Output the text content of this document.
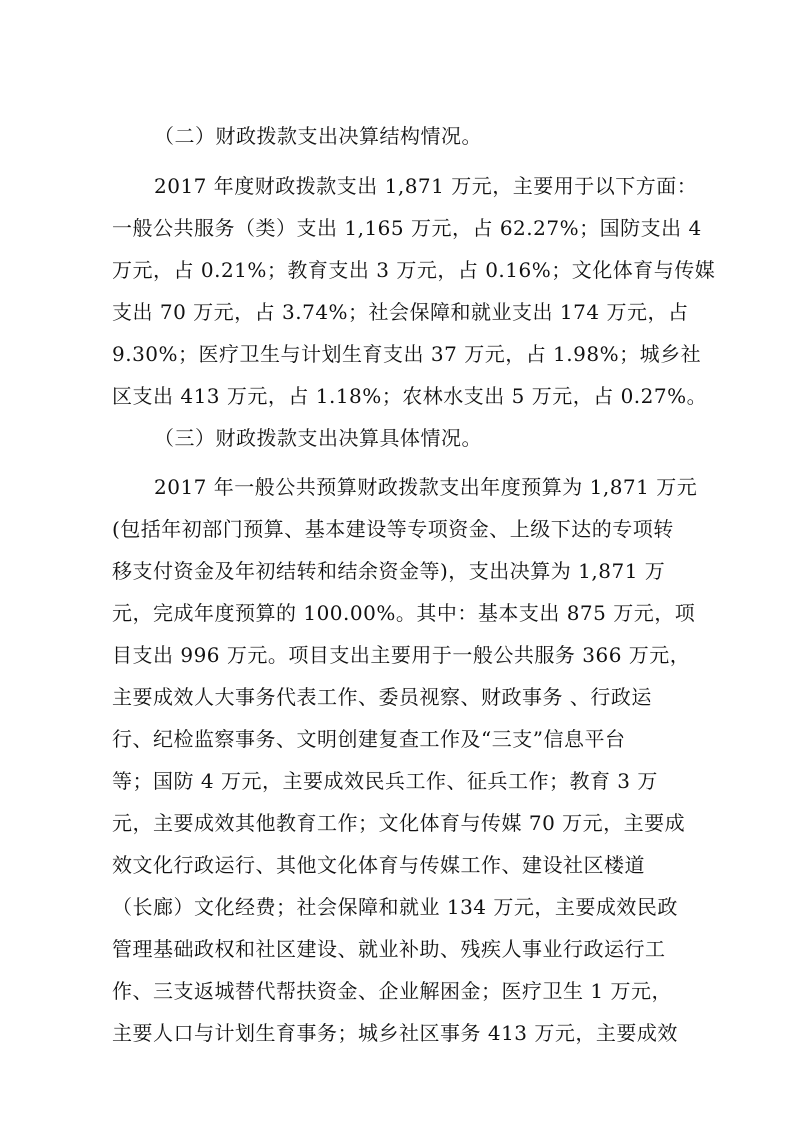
（二）财政拨款支出决算结构情况。
2017 年度财政拨款支出 1,871 万元，主要用于以下方面：
一般公共服务（类）支出 1,165 万元，占 62.27%；国防支出 4
万元，占 0.21%；教育支出 3 万元，占 0.16%；文化体育与传媒
支出 70 万元，占 3.74%；社会保障和就业支出 174 万元，占
9.30%；医疗卫生与计划生育支出 37 万元，占 1.98%；城乡社
区支出 413 万元，占 1.18%；农林水支出 5 万元，占 0.27%。
（三）财政拨款支出决算具体情况。
2017 年一般公共预算财政拨款支出年度预算为 1,871 万元
(包括年初部门预算、基本建设等专项资金、上级下达的专项转
移支付资金及年初结转和结余资金等)，支出决算为 1,871 万
元，完成年度预算的 100.00%。其中：基本支出 875 万元，项
目支出 996 万元。项目支出主要用于一般公共服务 366 万元，
主要成效人大事务代表工作、委员视察、财政事务 、行政运
行、纪检监察事务、文明创建复查工作及“三支”信息平台
等；国防 4 万元，主要成效民兵工作、征兵工作；教育 3 万
元，主要成效其他教育工作；文化体育与传媒 70 万元，主要成
效文化行政运行、其他文化体育与传媒工作、建设社区楼道
（长廊）文化经费；社会保障和就业 134 万元，主要成效民政
管理基础政权和社区建设、就业补助、残疾人事业行政运行工
作、三支返城替代帮扶资金、企业解困金；医疗卫生 1 万元，
主要人口与计划生育事务；城乡社区事务 413 万元，主要成效
